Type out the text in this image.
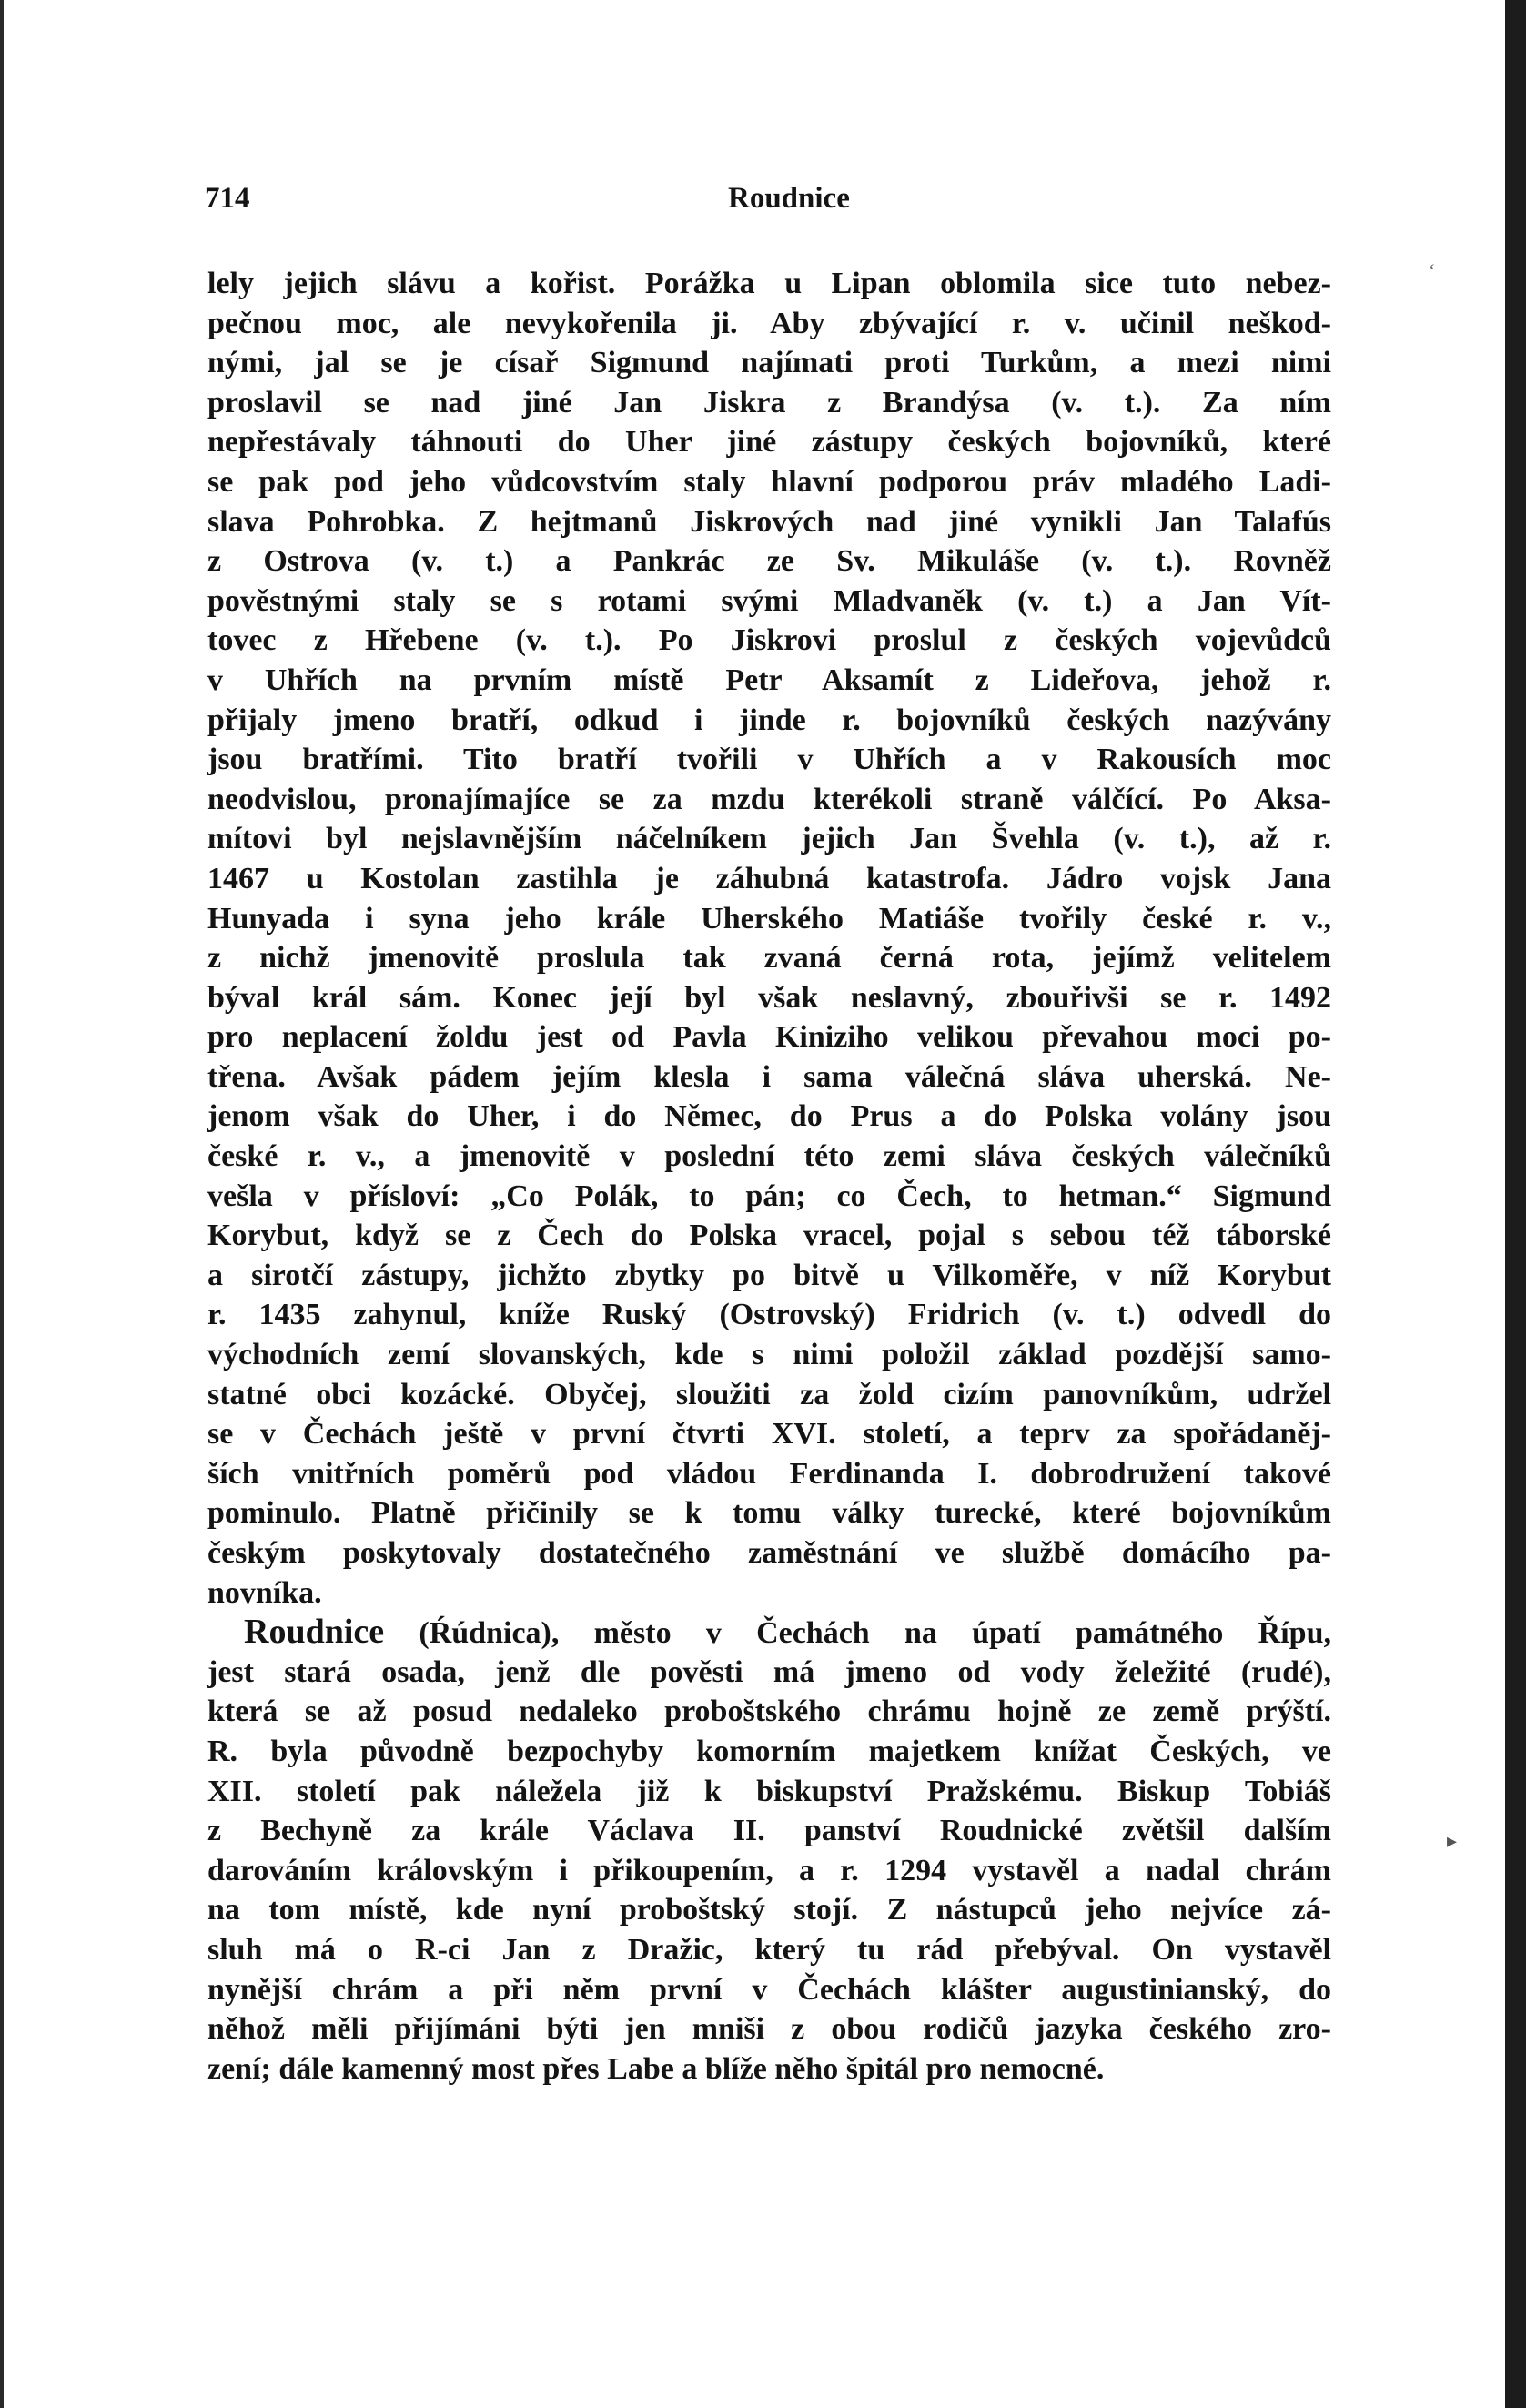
714	Roudnice
lely jejich slávu a kořist. Porážka u Lipan oblomila sice tuto nebez-
pečnou moc, ale nevykořenila ji. Aby zbývající r. v. učinil neškod-
nými, jal se je císař Sigmund najímati proti Turkům, a mezi nimi
proslavil se nad jiné Jan Jiskra z Brandýsa (v. t.). Za ním
nepřestávaly táhnouti do Uher jiné zástupy českých bojovníků, které
se pak pod jeho vůdcovstvím staly hlavní podporou práv mladého Ladi-
slava Pohrobka. Z hejtmanů Jiskrových nad jiné vynikli Jan Talafús
z Ostrova (v. t.) a Pankrác ze Sv. Mikuláše (v. t.). Rovněž
pověstnými staly se s rotami svými Mladvaněk (v. t.) a Jan Vít-
tovec z Hřebene (v. t.). Po Jiskrovi proslul z českých vojevůdců
v Uhřích na prvním místě Petr Aksamít z Lideřova, jehož r.
přijaly jmeno bratří, odkud i jinde r. bojovníků českých nazývány
jsou bratřími. Tito bratří tvořili v Uhřích a v Rakousích moc
neodvislou, pronajímajíce se za mzdu kterékoli straně válčící. Po Aksa-
mítovi byl nejslavnějším náčelníkem jejich Jan Švehla (v. t.), až r.
1467 u Kostolan zastihla je záhubná katastrofa. Jádro vojsk Jana
Hunyada i syna jeho krále Uherského Matiáše tvořily české r. v.,
z nichž jmenovitě proslula tak zvaná černá rota, jejímž velitelem
býval král sám. Konec její byl však neslavný, zbouřivši se r. 1492
pro neplacení žoldu jest od Pavla Kiniziho velikou převahou moci po-
třena. Avšak pádem jejím klesla i sama válečná sláva uherská. Ne-
jenom však do Uher, i do Němec, do Prus a do Polska volány jsou
české r. v., a jmenovitě v poslední této zemi sláva českých válečníků
vešla v přísloví: „Co Polák, to pán; co Čech, to hetman.“ Sigmund
Korybut, když se z Čech do Polska vracel, pojal s sebou též táborské
a sirotčí zástupy, jichžto zbytky po bitvě u Vilkoměře, v níž Korybut
r. 1435 zahynul, kníže Ruský (Ostrovský) Fridrich (v. t.) odvedl do
východních zemí slovanských, kde s nimi položil základ pozdější samo-
statné obci kozácké. Obyčej, sloužiti za žold cizím panovníkům, udržel
se v Čechách ještě v první čtvrti XVI. století, a teprv za spořádaněj-
ších vnitřních poměrů pod vládou Ferdinanda I. dobrodružení takové
pominulo. Platně přičinily se k tomu války turecké, které bojovníkům
českým poskytovaly dostatečného zaměstnání ve službě domácího pa-
novníka.
Roudnice (Ŕúdnica), město v Čechách na úpatí památného Řípu,
jest stará osada, jenž dle pověsti má jmeno od vody želežité (rudé),
která se až posud nedaleko proboštského chrámu hojně ze země prýští.
R. byla původně bezpochyby komorním majetkem knížat Českých, ve
XII. století pak náležela již k biskupství Pražskému. Biskup Tobiáš
z Bechyně za krále Václava II. panství Roudnické zvětšil dalším
darováním královským i přikoupením, a r. 1294 vystavěl a nadal chrám
na tom místě, kde nyní proboštský stojí. Z nástupců jeho nejvíce zá-
sluh má o R-ci Jan z Dražic, který tu rád přebýval. On vystavěl
nynější chrám a při něm první v Čechách klášter augustinianský, do
něhož měli přijímáni býti jen mniši z obou rodičů jazyka českého zro-
zení; dále kamenný most přes Labe a blíže něho špitál pro nemocné.
ʻ
▸
